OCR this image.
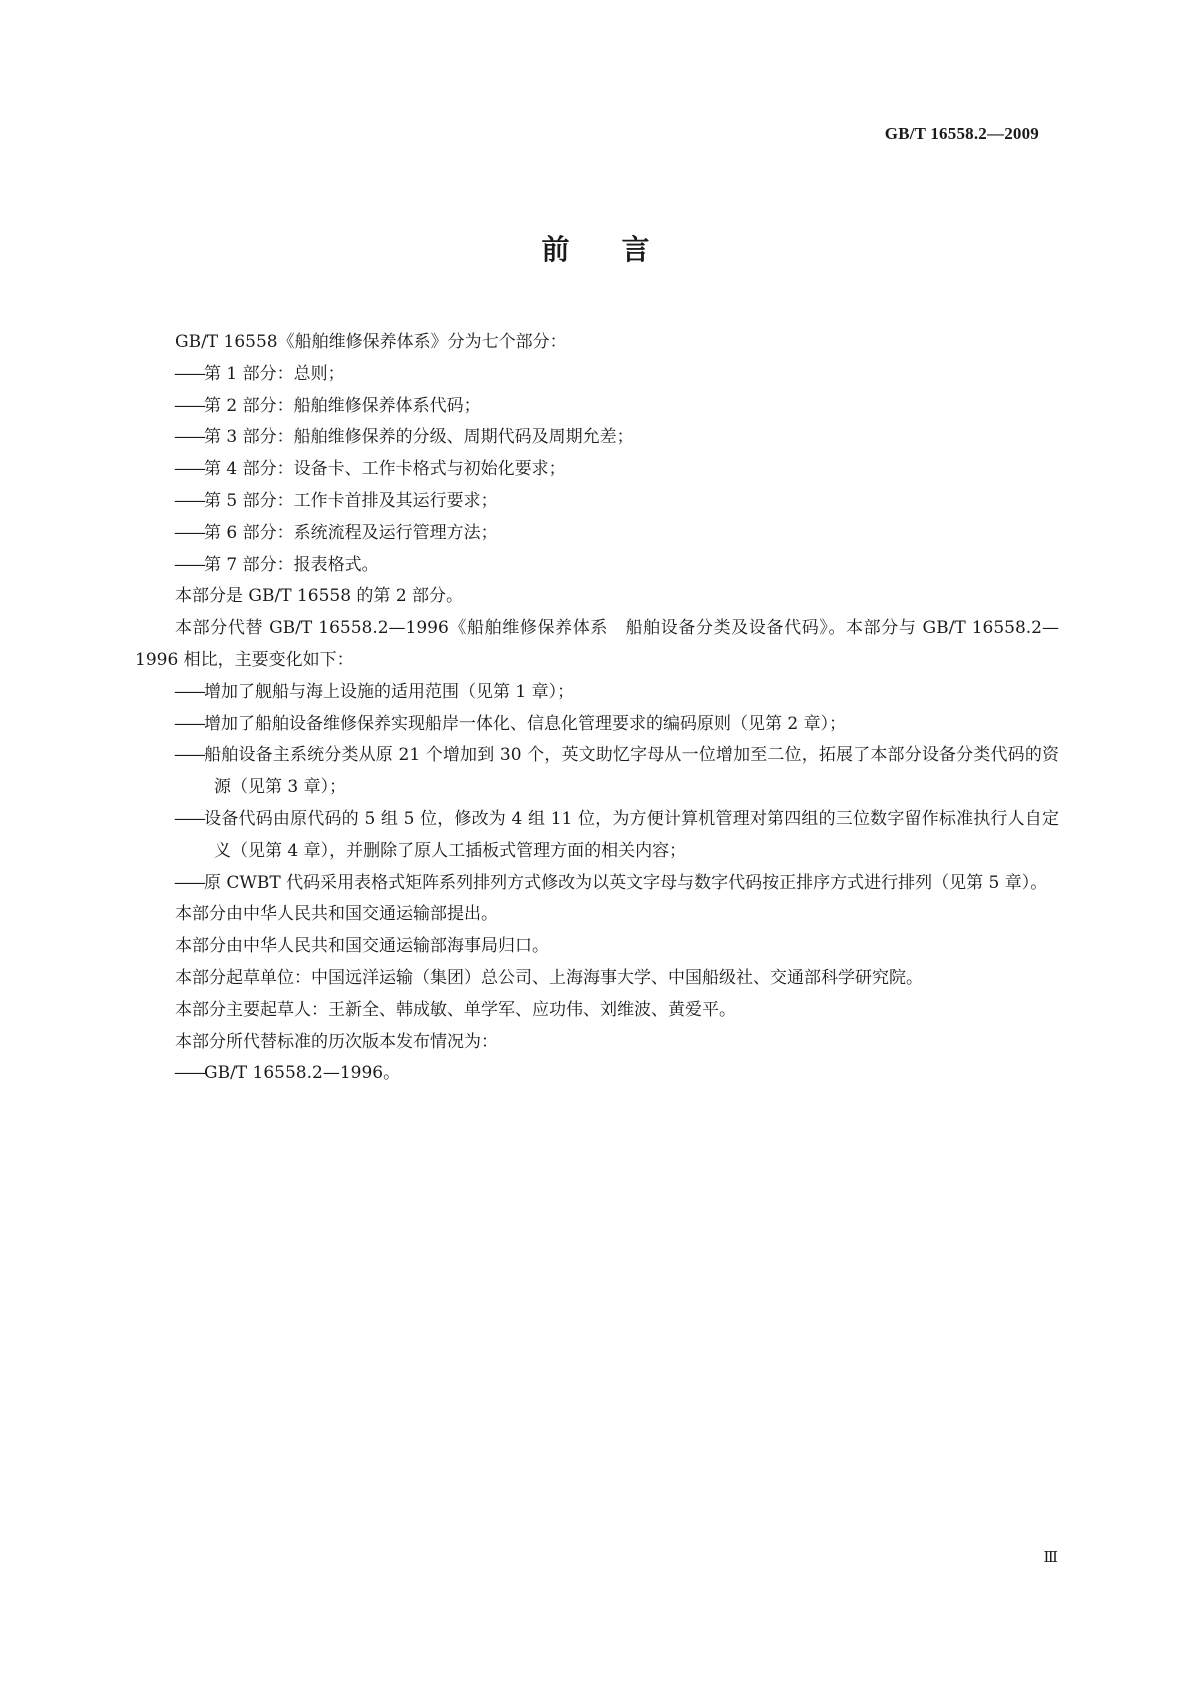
GB/T 16558.2—2009
前言

GB/T 16558《船舶维修保养体系》分为七个部分：

——第 1 部分：总则；

——第 2 部分：船舶维修保养体系代码；

——第 3 部分：船舶维修保养的分级、周期代码及周期允差；

——第 4 部分：设备卡、工作卡格式与初始化要求；

——第 5 部分：工作卡首排及其运行要求；

——第 6 部分：系统流程及运行管理方法；

——第 7 部分：报表格式。

本部分是 GB/T 16558 的第 2 部分。

本部分代替 GB/T 16558.2—1996《船舶维修保养体系　船舶设备分类及设备代码》。本部分与 GB/T 16558.2—1996 相比，主要变化如下：

——增加了舰船与海上设施的适用范围（见第 1 章）；

——增加了船舶设备维修保养实现船岸一体化、信息化管理要求的编码原则（见第 2 章）；

——船舶设备主系统分类从原 21 个增加到 30 个，英文助忆字母从一位增加至二位，拓展了本部分设备分类代码的资源（见第 3 章）；

——设备代码由原代码的 5 组 5 位，修改为 4 组 11 位，为方便计算机管理对第四组的三位数字留作标准执行人自定义（见第 4 章），并删除了原人工插板式管理方面的相关内容；

——原 CWBT 代码采用表格式矩阵系列排列方式修改为以英文字母与数字代码按正排序方式进行排列（见第 5 章）。

本部分由中华人民共和国交通运输部提出。

本部分由中华人民共和国交通运输部海事局归口。

本部分起草单位：中国远洋运输（集团）总公司、上海海事大学、中国船级社、交通部科学研究院。

本部分主要起草人：王新全、韩成敏、单学军、应功伟、刘维波、黄爱平。

本部分所代替标准的历次版本发布情况为：

——GB/T 16558.2—1996。

Ⅲ
